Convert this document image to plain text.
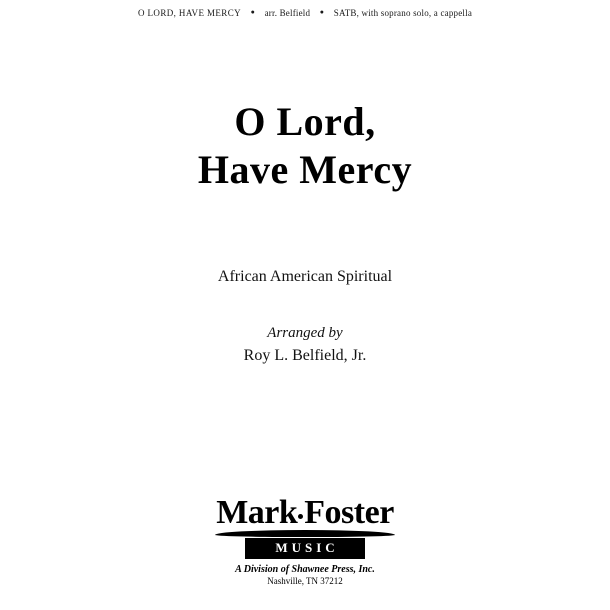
O LORD, HAVE MERCY ● arr. Belfield ● SATB, with soprano solo, a cappella
O Lord,
Have Mercy
African American Spiritual
Arranged by
Roy L. Belfield, Jr.
Mark Foster
MUSIC
A Division of Shawnee Press, Inc.
Nashville, TN 37212
